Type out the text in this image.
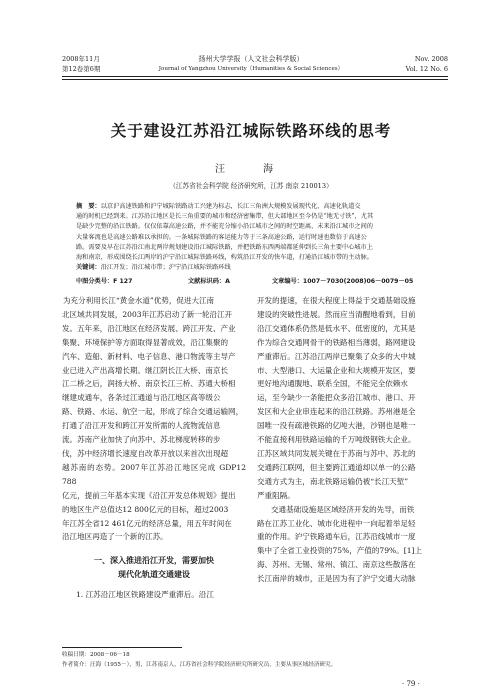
2008年11月
第12卷第6期
扬州大学学报（人文社会科学版）
Journal of Yangzhou University（Humanities & Social Sciences）
Nov. 2008
Vol. 12 No. 6
关于建设江苏沿江城际铁路环线的思考
汪　海
（江苏省社会科学院 经济研究所，江苏 南京 210013）
摘　要：以京沪高速铁路和沪宁城际铁路动工兴建为标志，长江三角洲大规模发展现代化、高速化轨道交
通的时机已经到来。江苏沿江地区是长三角重要的城市和经济密集带，但大部地区至今仍是“地无寸铁”，尤其
是缺少完整的沿江铁路。仅仅依靠高速公路，并不能充分缩小沿江城市之间的时空距离，未来沿江城市之间的
大量客流也是高速公路难以承担的。一条城际铁路的客运能力等于三条高速公路，运行时速也数倍于高速公
路。需要及早在江苏沿江南北两岸规划建设沿江城际铁路，并把铁路东西两端都延伸到长三角主要中心城市上
海和南京，形成围绕长江两岸的沪宁沿江城际铁路环线，构筑沿江开发的快车道，打通沿江城市带的主动脉。
关键词：沿江开发；沿江城市带；沪宁沿江城际铁路环线
中图分类号：F 127	文献标识码：A	文章编号：1007－7030(2008)06－0079－05
为充分利用长江“黄金水道”优势，促进大江南
北区域共同发展，2003年江苏启动了新一轮沿江开
发。五年来，沿江地区在经济发展、跨江开发、产业
集聚、环境保护等方面取得显著成效，沿江集聚的
汽车、造船、新材料、电子信息、港口物流等主导产
业已进入产出高增长期。继江阴长江大桥、南京长
江二桥之后，润扬大桥、南京长江三桥、苏通大桥相
继建成通车，各条过江通道与沿江地区高等级公
路、铁路、水运、航空一起，形成了综合交通运输网，
打通了沿江开发和跨江开发所需的人流物流信息
流。苏南产业加快了向苏中、苏北梯度转移的步
伐，苏中经济增长速度自改革开放以来首次出现超
越苏南的态势。2007年江苏沿江地区完成 GDP12 788
亿元，提前三年基本实现《沿江开发总体规划》提出
的地区生产总值达12 800亿元的目标，超过2003
年江苏全省12 461亿元的经济总量，用五年时间在
沿江地区再造了一个新的江苏。
一、深入推进沿江开发，需要加快
现代化轨道交通建设
1. 江苏沿江地区铁路建设严重滞后。沿江
开发的提速，在很大程度上得益于交通基础设施
建设的突破性进展。然而应当清醒地看到，目前
沿江交通体系仍然是低水平、低密度的，尤其是
作为综合交通网骨干的铁路相当薄弱，路网建设
严重滞后。江苏沿江两岸已聚集了众多的大中城
市、大型港口、大运量企业和大规模开发区，要
更好地沟通腹地、联系全国，不能完全依赖水
运，至今缺少一条能把众多沿江城市、港口、开
发区和大企业串连起来的沿江铁路。苏州港是全
国唯一没有疏港铁路的亿吨大港，沙钢也是唯一
不能直接利用铁路运输的千万吨级钢铁大企业。
江苏区域共同发展关键在于苏南与苏中、苏北的
交通跨江联网，但主要跨江通道却以单一的公路
交通方式为主，南北铁路运输仍被“长江天堑”
严重阻隔。
交通基础设施是区域经济开发的先导，而铁
路在江苏工业化、城市化进程中一向起着举足轻
重的作用。沪宁铁路通车后，江苏沿线城市一度
集中了全省工业投资的75%，产值的79%。[1]上
海、苏州、无锡、常州、镇江、南京这些散落在
长江南岸的城市，正是因为有了沪宁交通大动脉
收稿日期：2008－06－18
作者简介：汪海（1955－），男，江苏南京人，江苏省社会科学院经济研究所研究员，主要从事区域经济研究。
· 79 ·
